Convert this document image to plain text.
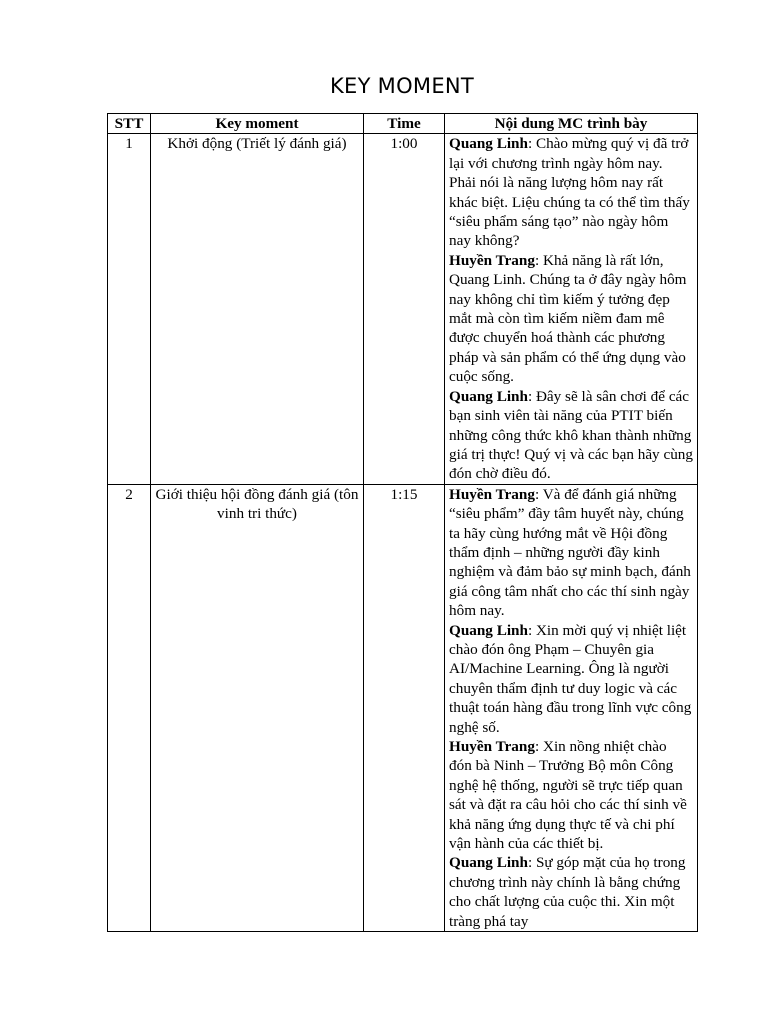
KEY MOMENT
STT	Key moment	Time	Nội dung MC trình bày
1	Khởi động (Triết lý đánh giá)	1:00	Quang Linh: Chào mừng quý vị đã trở lại với chương trình ngày hôm nay. Phải nói là năng lượng hôm nay rất khác biệt. Liệu chúng ta có thể tìm thấy “siêu phẩm sáng tạo” nào ngày hôm nay không?
Huyền Trang: Khả năng là rất lớn, Quang Linh. Chúng ta ở đây ngày hôm nay không chỉ tìm kiếm ý tưởng đẹp mắt mà còn tìm kiếm niềm đam mê được chuyển hoá thành các phương pháp và sản phẩm có thể ứng dụng vào cuộc sống.
Quang Linh: Đây sẽ là sân chơi để các bạn sinh viên tài năng của PTIT biến những công thức khô khan thành những giá trị thực! Quý vị và các bạn hãy cùng đón chờ điều đó.

2	Giới thiệu hội đồng đánh giá (tôn vinh tri thức)	1:15	Huyền Trang: Và để đánh giá những “siêu phẩm” đầy tâm huyết này, chúng ta hãy cùng hướng mắt về Hội đồng thẩm định – những người đầy kinh nghiệm và đảm bảo sự minh bạch, đánh giá công tâm nhất cho các thí sinh ngày hôm nay.
Quang Linh: Xin mời quý vị nhiệt liệt chào đón ông Phạm – Chuyên gia AI/Machine Learning. Ông là người chuyên thẩm định tư duy logic và các thuật toán hàng đầu trong lĩnh vực công nghệ số.
Huyền Trang: Xin nồng nhiệt chào đón bà Ninh – Trưởng Bộ môn Công nghệ hệ thống, người sẽ trực tiếp quan sát và đặt ra câu hỏi cho các thí sinh về khả năng ứng dụng thực tế và chi phí vận hành của các thiết bị.
Quang Linh: Sự góp mặt của họ trong chương trình này chính là bằng chứng cho chất lượng của cuộc thi. Xin một tràng phá tay
